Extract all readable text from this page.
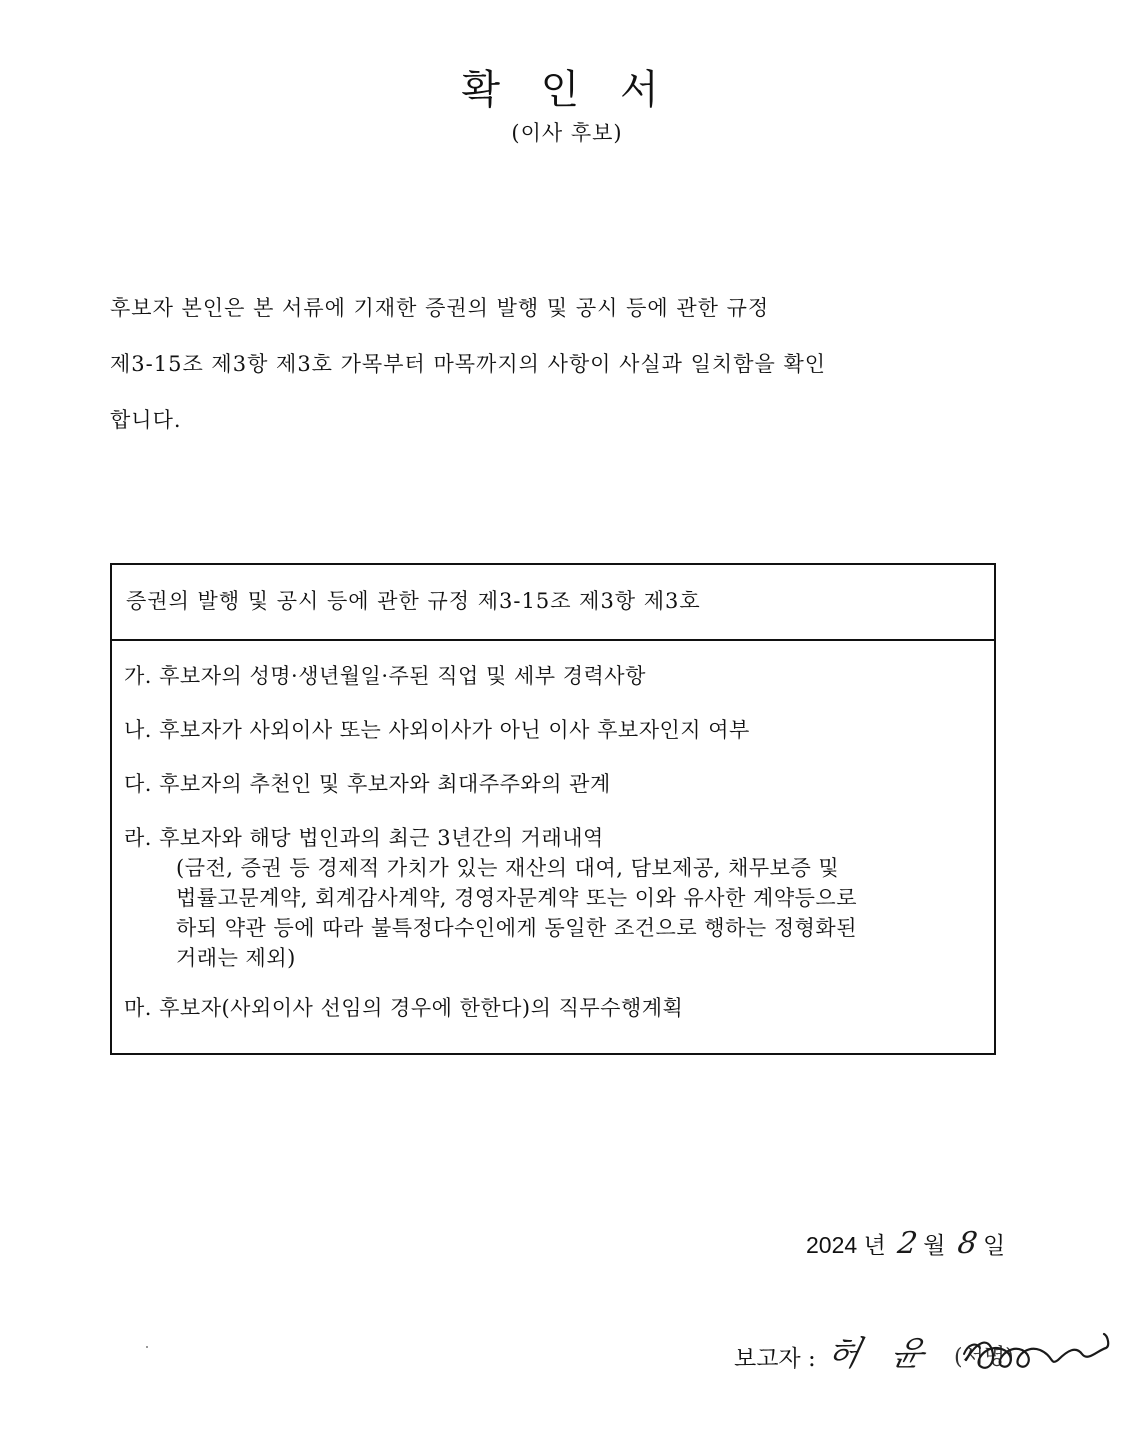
확 인 서
(이사 후보)
후보자 본인은 본 서류에 기재한 증권의 발행 및 공시 등에 관한 규정
제3-15조 제3항 제3호 가목부터 마목까지의 사항이 사실과 일치함을 확인
합니다.
증권의 발행 및 공시 등에 관한 규정 제3-15조 제3항 제3호
가. 후보자의 성명·생년월일·주된 직업 및 세부 경력사항
나. 후보자가 사외이사 또는 사외이사가 아닌 이사 후보자인지 여부
다. 후보자의 추천인 및 후보자와 최대주주와의 관계
라. 후보자와 해당 법인과의 최근 3년간의 거래내역
(금전, 증권 등 경제적 가치가 있는 재산의 대여, 담보제공, 채무보증 및
법률고문계약, 회계감사계약, 경영자문계약 또는 이와 유사한 계약등으로
하되 약관 등에 따라 불특정다수인에게 동일한 조건으로 행하는 정형화된
거래는 제외)
마. 후보자(사외이사 선임의 경우에 한한다)의 직무수행계획
2024 년 2 월 8 일
보고자 : 허 윤 (서명)
